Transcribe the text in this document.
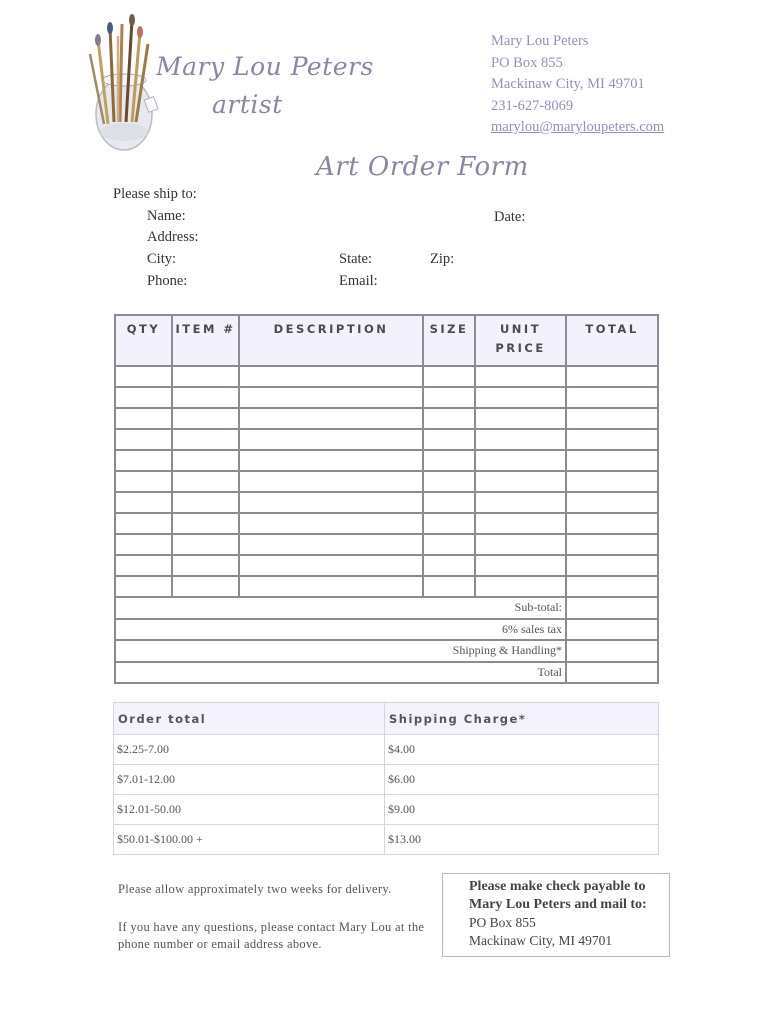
Mary Lou Peters
artist
Mary Lou Peters
PO Box 855
Mackinaw City, MI 49701
231-627-8069
marylou@maryloupeters.com
Art Order Form
Please ship to:
Name:	Date:
Address:
City:	State:	Zip:
Phone:	Email:
QTY	ITEM #	DESCRIPTION	SIZE	UNIT PRICE	TOTAL

Sub-total:					
6% sales tax					
Shipping & Handling*					
Total					
Order total	Shipping Charge*
$2.25-7.00	$4.00
$7.01-12.00	$6.00
$12.01-50.00	$9.00
$50.01-$100.00 +	$13.00
Please allow approximately two weeks for delivery.
If you have any questions, please contact Mary Lou at the phone number or email address above.
Please make check payable to
Mary Lou Peters and mail to:
PO Box 855
Mackinaw City, MI 49701
